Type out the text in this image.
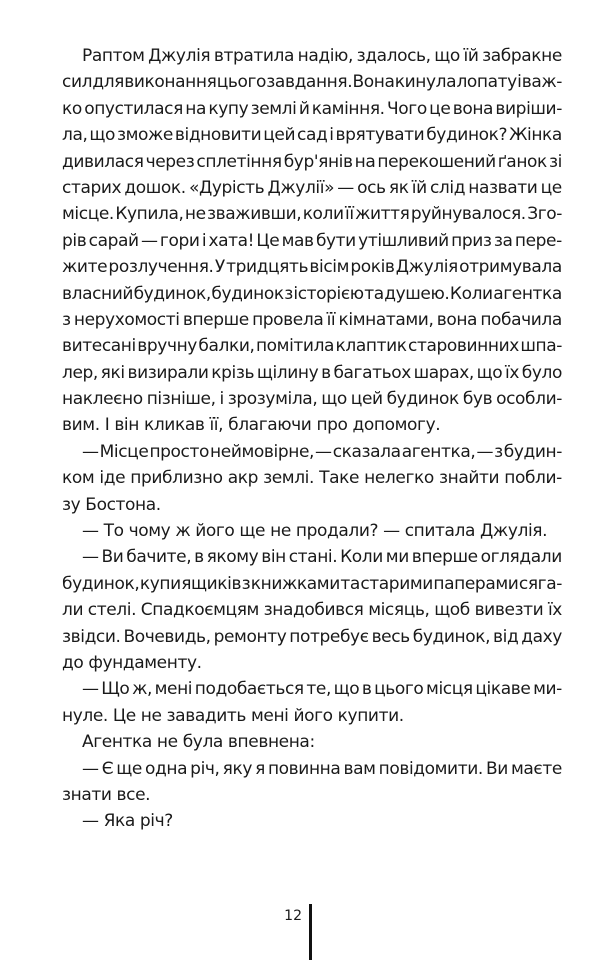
Раптом Джулія втратила надію, здалось, що їй забракне
сил для виконання цього завдання. Вона кинула лопату і важ-
ко опустилася на купу землі й каміння. Чого це вона виріши-
ла, що зможе відновити цей сад і врятувати будинок? Жінка
дивилася через сплетіння бур'янів на перекошений ґанок зі
старих дошок. «Дурість Джулії» — ось як їй слід назвати це
місце. Купила, не зваживши, коли її життя руйнувалося. Зго-
рів сарай — гори і хата! Це мав бути утішливий приз за пере-
жите розлучення. У тридцять вісім років Джулія отримувала
власний будинок, будинок з історією та душею. Коли агентка
з нерухомості вперше провела її кімнатами, вона побачила
витесані вручну балки, помітила клаптик старовинних шпа-
лер, які визирали крізь щілину в багатьох шарах, що їх було
наклеєно пізніше, і зрозуміла, що цей будинок був особли-
вим. І він кликав її, благаючи про допомогу.
— Місце просто неймовірне, — сказала агентка, — з будин-
ком іде приблизно акр землі. Таке нелегко знайти побли-
зу Бостона.
— То чому ж його ще не продали? — спитала Джулія.
— Ви бачите, в якому він стані. Коли ми вперше оглядали
будинок, купи ящиків з книжками та старими паперами сяга-
ли стелі. Спадкоємцям знадобився місяць, щоб вивезти їх
звідси. Вочевидь, ремонту потребує весь будинок, від даху
до фундаменту.
— Що ж, мені подобається те, що в цього місця цікаве ми-
нуле. Це не завадить мені його купити.
Агентка не була впевнена:
— Є ще одна річ, яку я повинна вам повідомити. Ви маєте
знати все.
— Яка річ?
12
